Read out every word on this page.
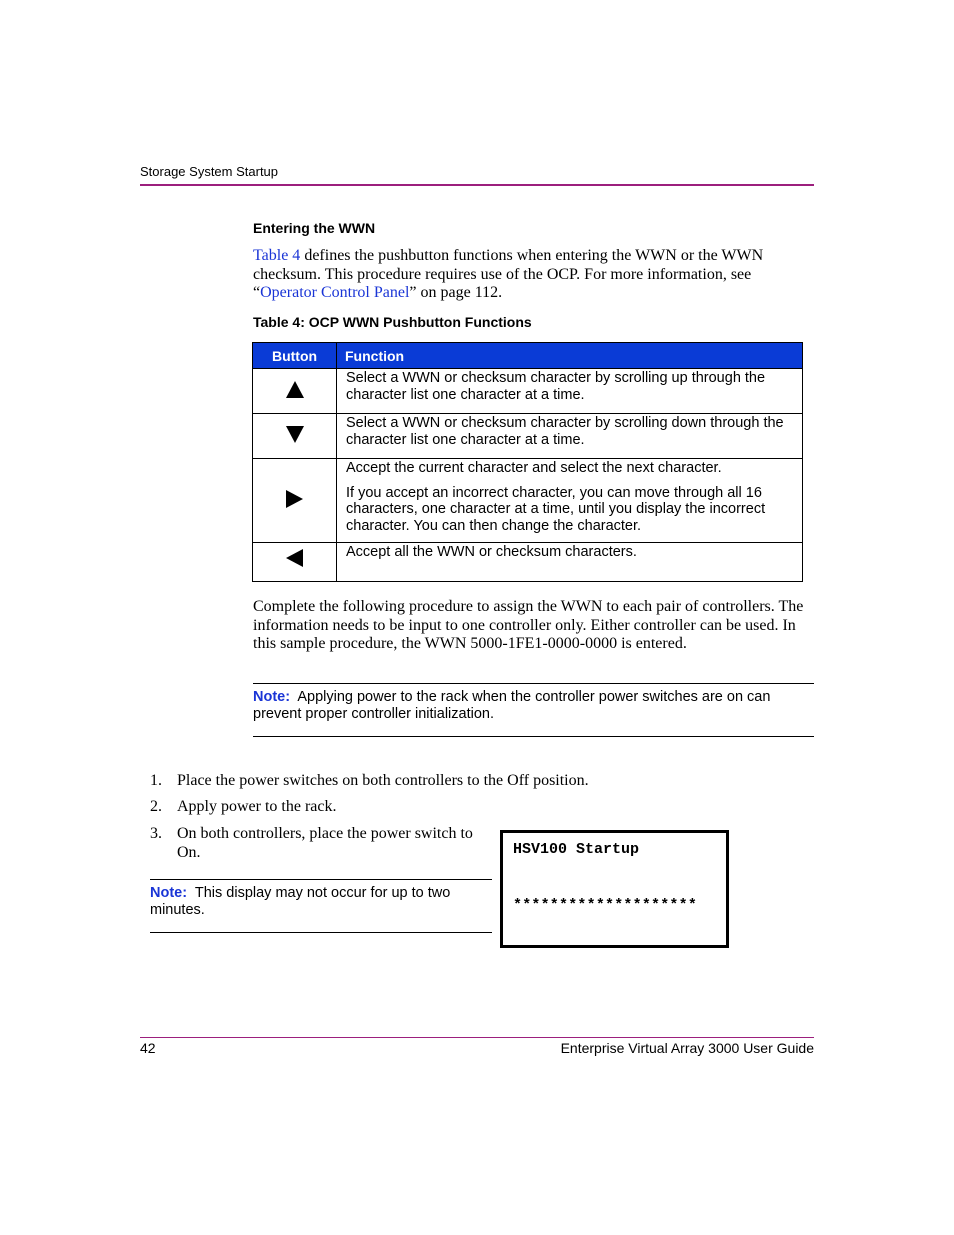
Storage System Startup
Entering the WWN
Table 4 defines the pushbutton functions when entering the WWN or the WWN checksum. This procedure requires use of the OCP. For more information, see “Operator Control Panel” on page 112.
Table 4: OCP WWN Pushbutton Functions
Button	Function

	Select a WWN or checksum character by scrolling up through the character list one character at a time.

	Select a WWN or checksum character by scrolling down through the character list one character at a time.

	Accept the current character and select the next character.

If you accept an incorrect character, you can move through all 16 characters, one character at a time, until you display the incorrect character. You can then change the character.

	Accept all the WWN or checksum characters.

Complete the following procedure to assign the WWN to each pair of controllers. The information needs to be input to one controller only. Either controller can be used. In this sample procedure, the WWN 5000-1FE1-0000-0000 is entered.
Note: Applying power to the rack when the controller power switches are on can prevent proper controller initialization.
1. Place the power switches on both controllers to the Off position.
2. Apply power to the rack.
3. On both controllers, place the power switch to On.
Note: This display may not occur for up to two minutes.
HSV100 Startup
********************
42	Enterprise Virtual Array 3000 User Guide
